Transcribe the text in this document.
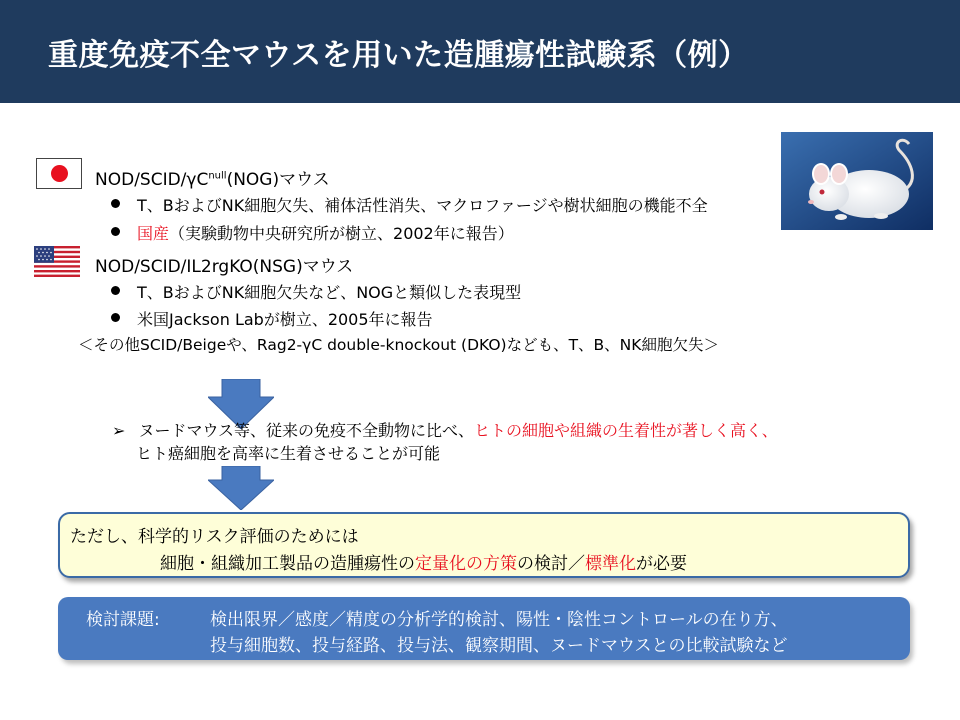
重度免疫不全マウスを用いた造腫瘍性試験系（例）
NOD/$SCID/\gamma C^{null}(NOG)$マウス
T、BおよびNK細胞欠失、補体活性消失、マクロファージや樹状細胞の機能不全
国産（実験動物中央研究所が樹立、2002年に報告）
NOD/SCID/IL2rgKO(NSG)マウス
T、BおよびNK細胞欠失など、NOGと類似した表現型
米国Jackson Labが樹立、2005年に報告
＜その他SCID/Beigeや、Rag2-γC double-knockout (DKO)なども、T、B、NK細胞欠失＞
➢ ヌードマウス等、従来の免疫不全動物に比べ、ヒトの細胞や組織の生着性が著しく高く、
ヒト癌細胞を高率に生着させることが可能
ただし、科学的リスク評価のためには
細胞・組織加工製品の造腫瘍性の定量化の方策の検討／標準化が必要
検討課題:	検出限界／感度／精度の分析学的検討、陽性・陰性コントロールの在り方、
投与細胞数、投与経路、投与法、観察期間、ヌードマウスとの比較試験など
